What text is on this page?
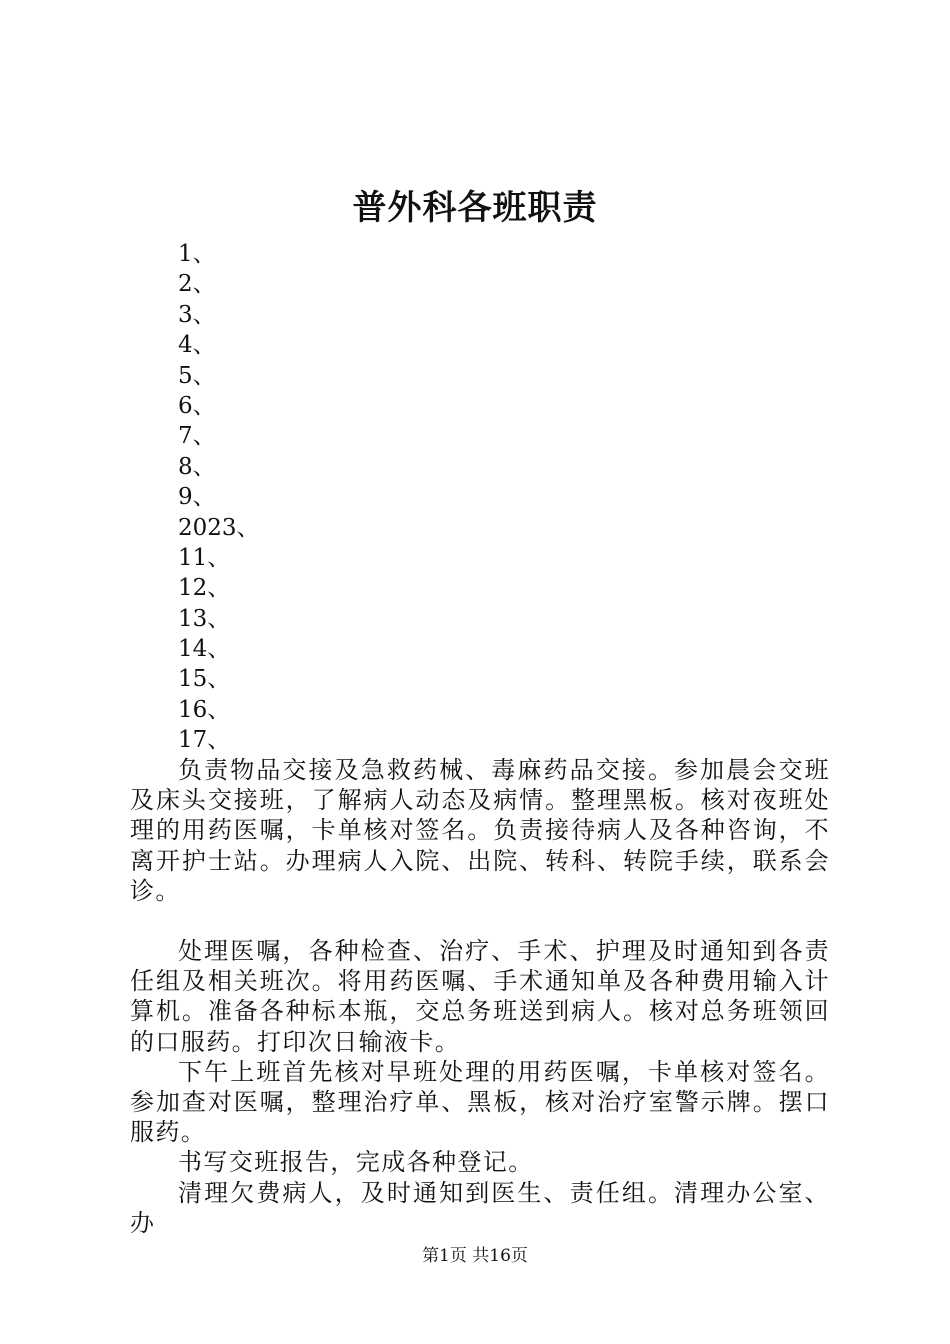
普外科各班职责
1、
2、
3、
4、
5、
6、
7、
8、
9、
2023、
11、
12、
13、
14、
15、
16、
17、

负责物品交接及急救药械、毒麻药品交接。参加晨会交班及床头交接班，了解病人动态及病情。整理黑板。核对夜班处理的用药医嘱，卡单核对签名。负责接待病人及各种咨询，不离开护士站。办理病人入院、出院、转科、转院手续，联系会诊。

处理医嘱，各种检查、治疗、手术、护理及时通知到各责任组及相关班次。将用药医嘱、手术通知单及各种费用输入计算机。准备各种标本瓶，交总务班送到病人。核对总务班领回的口服药。打印次日输液卡。

下午上班首先核对早班处理的用药医嘱，卡单核对签名。参加查对医嘱，整理治疗单、黑板，核对治疗室警示牌。摆口服药。

书写交班报告，完成各种登记。

清理欠费病人，及时通知到医生、责任组。清理办公室、办

第1页 共16页
